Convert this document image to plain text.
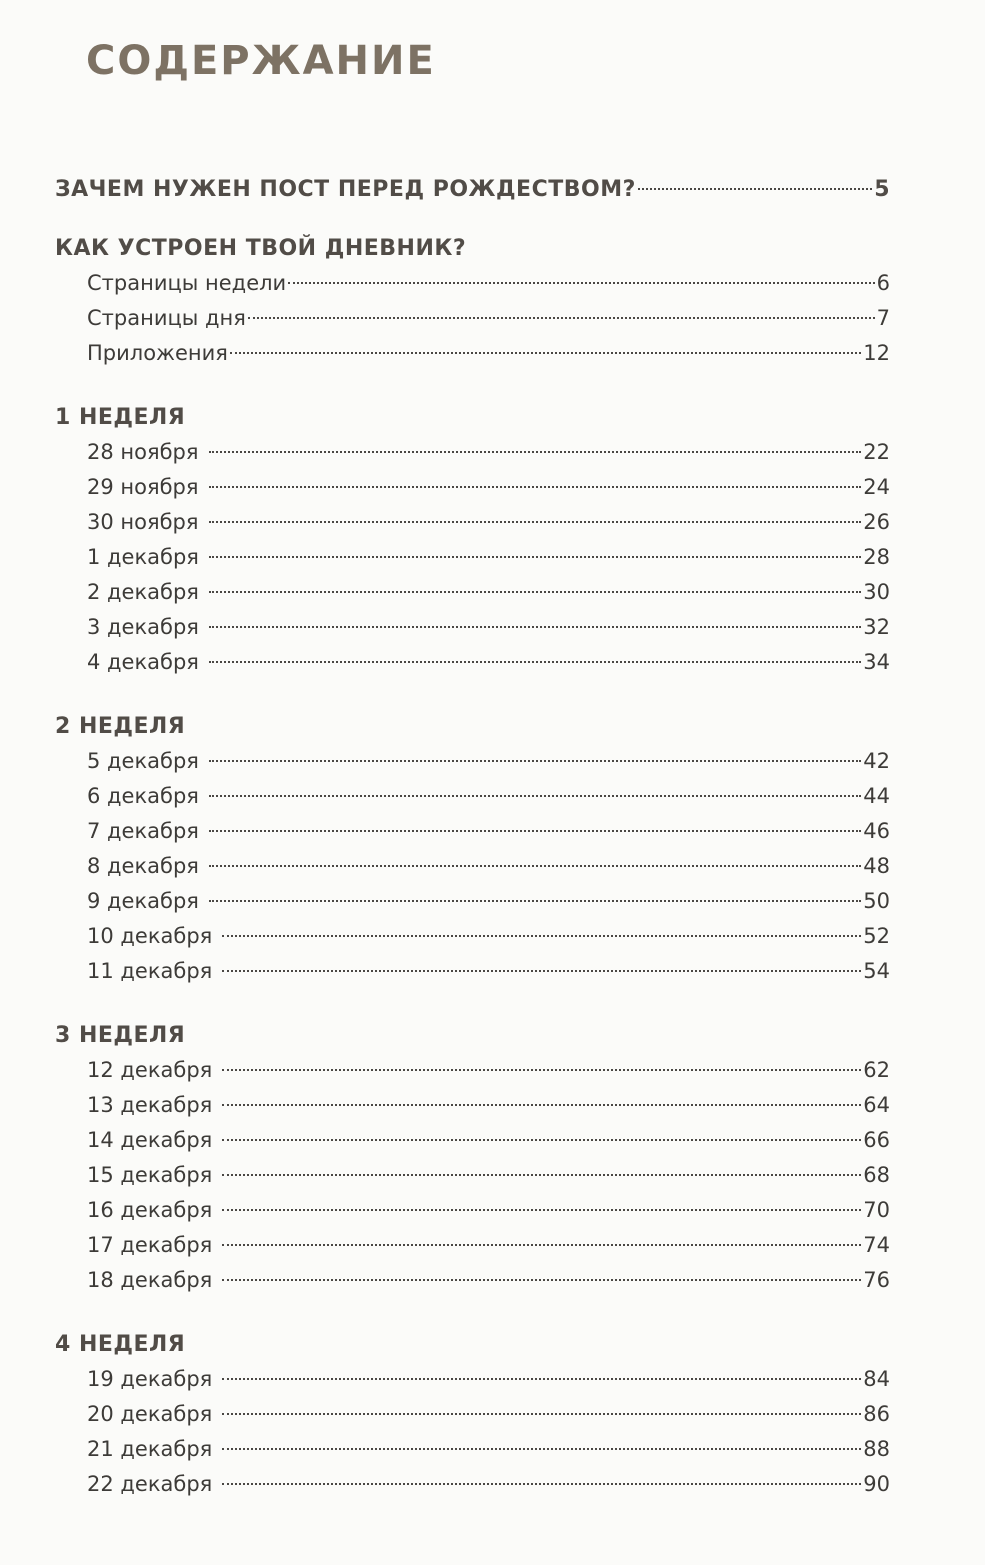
СОДЕРЖАНИЕ
ЗАЧЕМ НУЖЕН ПОСТ ПЕРЕД РОЖДЕСТВОМ?	5
КАК УСТРОЕН ТВОЙ ДНЕВНИК?
Страницы недели	6
Страницы дня	7
Приложения	12
1 НЕДЕЛЯ
28 ноября	22
29 ноября	24
30 ноября	26
1 декабря	28
2 декабря	30
3 декабря	32
4 декабря	34
2 НЕДЕЛЯ
5 декабря	42
6 декабря	44
7 декабря	46
8 декабря	48
9 декабря	50
10 декабря	52
11 декабря	54
3 НЕДЕЛЯ
12 декабря	62
13 декабря	64
14 декабря	66
15 декабря	68
16 декабря	70
17 декабря	74
18 декабря	76
4 НЕДЕЛЯ
19 декабря	84
20 декабря	86
21 декабря	88
22 декабря	90
